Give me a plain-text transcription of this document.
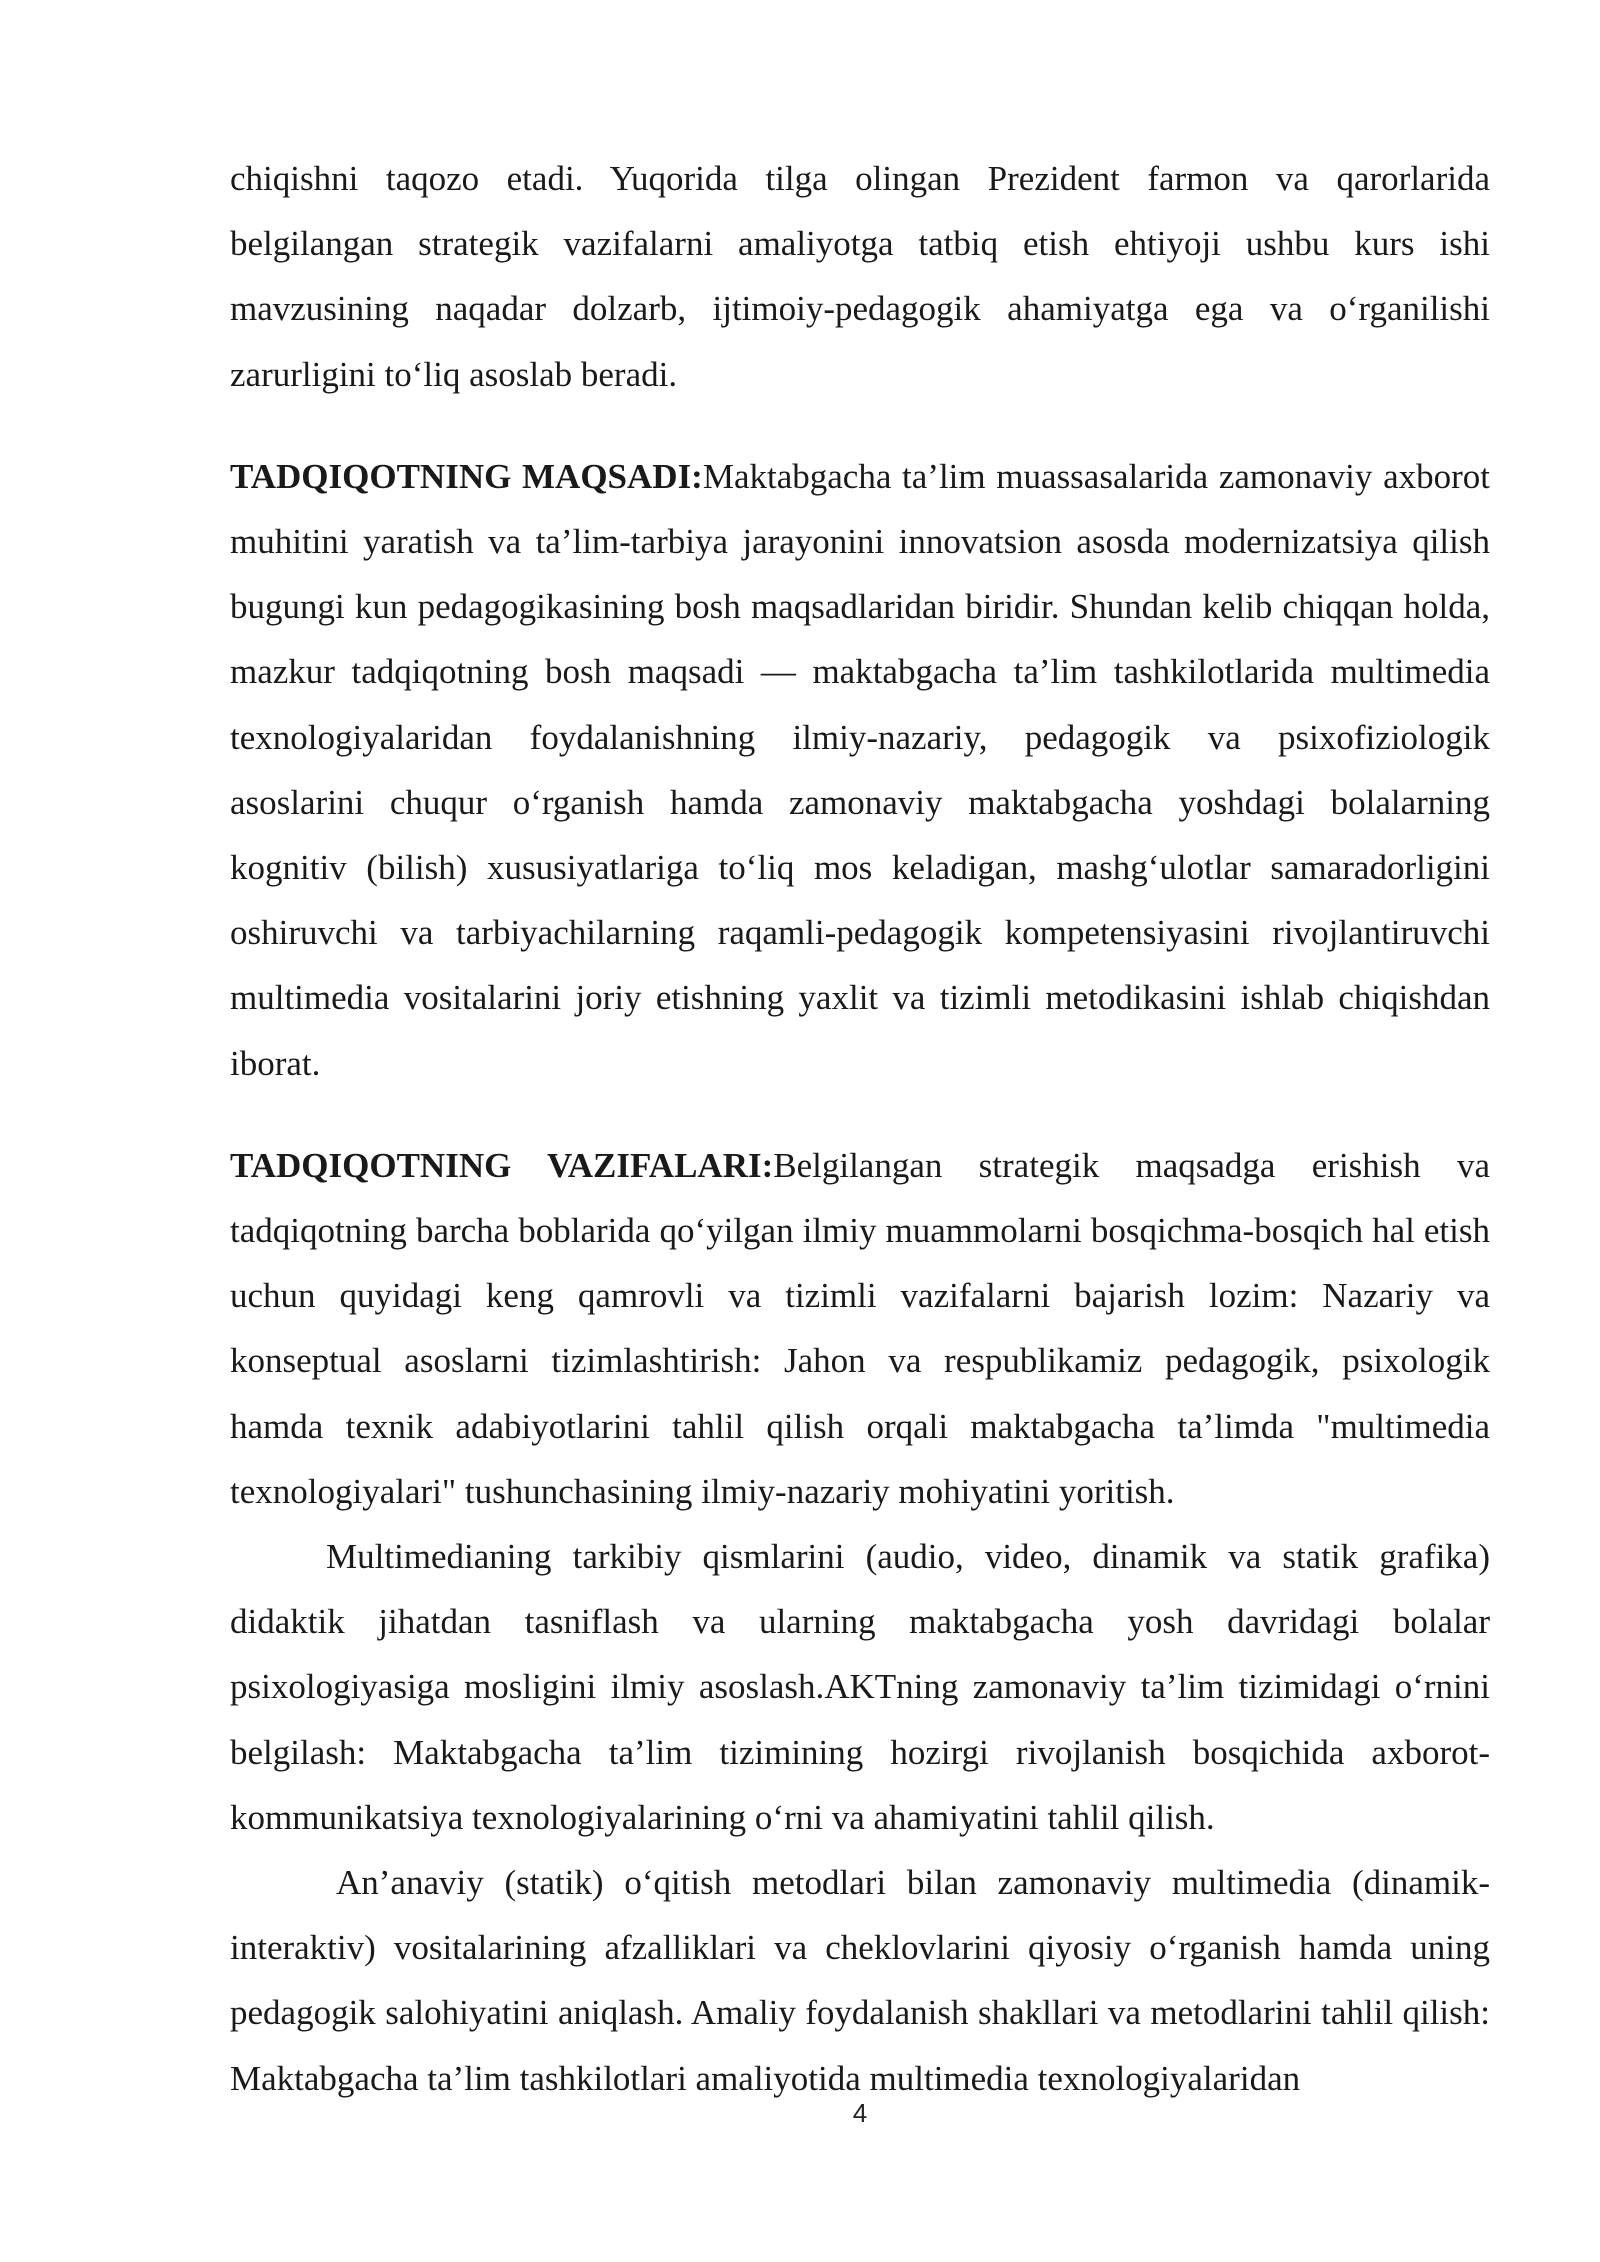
chiqishni taqozo etadi. Yuqorida tilga olingan Prezident farmon va qarorlarida belgilangan strategik vazifalarni amaliyotga tatbiq etish ehtiyoji ushbu kurs ishi mavzusining naqadar dolzarb, ijtimoiy-pedagogik ahamiyatga ega va o‘rganilishi zarurligini to‘liq asoslab beradi.

TADQIQOTNING MAQSADI:Maktabgacha ta’lim muassasalarida zamonaviy axborot muhitini yaratish va ta’lim-tarbiya jarayonini innovatsion asosda modernizatsiya qilish bugungi kun pedagogikasining bosh maqsadlaridan biridir. Shundan kelib chiqqan holda, mazkur tadqiqotning bosh maqsadi — maktabgacha ta’lim tashkilotlarida multimedia texnologiyalaridan foydalanishning ilmiy-nazariy, pedagogik va psixofiziologik asoslarini chuqur o‘rganish hamda zamonaviy maktabgacha yoshdagi bolalarning kognitiv (bilish) xususiyatlariga to‘liq mos keladigan, mashg‘ulotlar samaradorligini oshiruvchi va tarbiyachilarning raqamli-pedagogik kompetensiyasini rivojlantiruvchi multimedia vositalarini joriy etishning yaxlit va tizimli metodikasini ishlab chiqishdan iborat.

TADQIQOTNING VAZIFALARI:Belgilangan strategik maqsadga erishish va tadqiqotning barcha boblarida qo‘yilgan ilmiy muammolarni bosqichma-bosqich hal etish uchun quyidagi keng qamrovli va tizimli vazifalarni bajarish lozim: Nazariy va konseptual asoslarni tizimlashtirish: Jahon va respublikamiz pedagogik, psixologik hamda texnik adabiyotlarini tahlil qilish orqali maktabgacha ta’limda "multimedia texnologiyalari" tushunchasining ilmiy-nazariy mohiyatini yoritish.

Multimedianing tarkibiy qismlarini (audio, video, dinamik va statik grafika) didaktik jihatdan tasniflash va ularning maktabgacha yosh davridagi bolalar psixologiyasiga mosligini ilmiy asoslash.AKTning zamonaviy ta’lim tizimidagi o‘rnini belgilash: Maktabgacha ta’lim tizimining hozirgi rivojlanish bosqichida axborot-kommunikatsiya texnologiyalarining o‘rni va ahamiyatini tahlil qilish.

An’anaviy (statik) o‘qitish metodlari bilan zamonaviy multimedia (dinamik-interaktiv) vositalarining afzalliklari va cheklovlarini qiyosiy o‘rganish hamda uning pedagogik salohiyatini aniqlash. Amaliy foydalanish shakllari va metodlarini tahlil qilish: Maktabgacha ta’lim tashkilotlari amaliyotida multimedia texnologiyalaridan

4
